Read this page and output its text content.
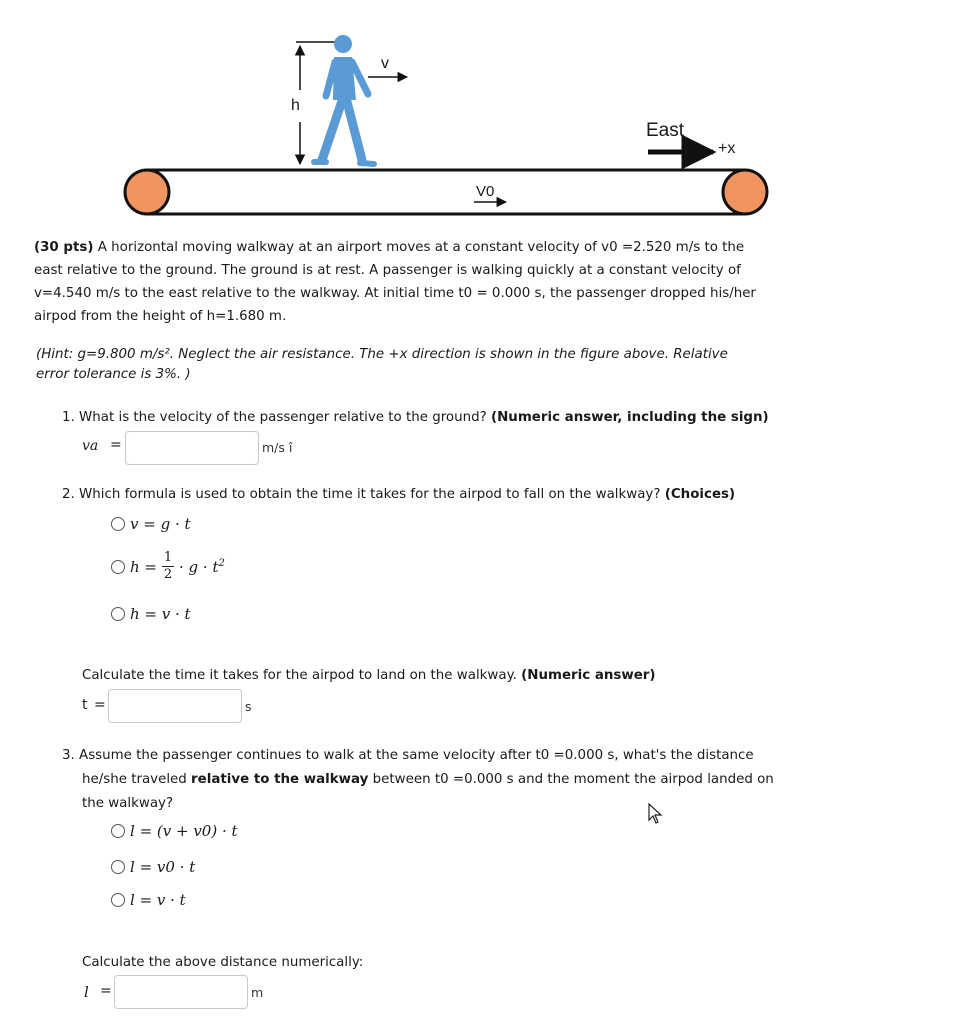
h
v
V0
East
+x
(30 pts) A horizontal moving walkway at an airport moves at a constant velocity of v0 =2.520 m/s to the
east relative to the ground. The ground is at rest. A passenger is walking quickly at a constant velocity of
v=4.540 m/s to the east relative to the walkway. At initial time t0 = 0.000 s, the passenger dropped his/her
airpod from the height of h=1.680 m.
(Hint: g=9.800 m/s². Neglect the air resistance. The +x direction is shown in the figure above. Relative
error tolerance is 3%. )
1. What is the velocity of the passenger relative to the ground? (Numeric answer, including the sign)
va =	m/s î
2. Which formula is used to obtain the time it takes for the airpod to fall on the walkway? (Choices)
v = g · t
$h = \frac{1}{2} \cdot g \cdot t^2$
h = v · t
Calculate the time it takes for the airpod to land on the walkway. (Numeric answer)
t =	s
3. Assume the passenger continues to walk at the same velocity after t0 =0.000 s, what's the distance
he/she traveled relative to the walkway between t0 =0.000 s and the moment the airpod landed on
the walkway?
l = (v + v0) · t
l = v0 · t
l = v · t
Calculate the above distance numerically:
l =	m
